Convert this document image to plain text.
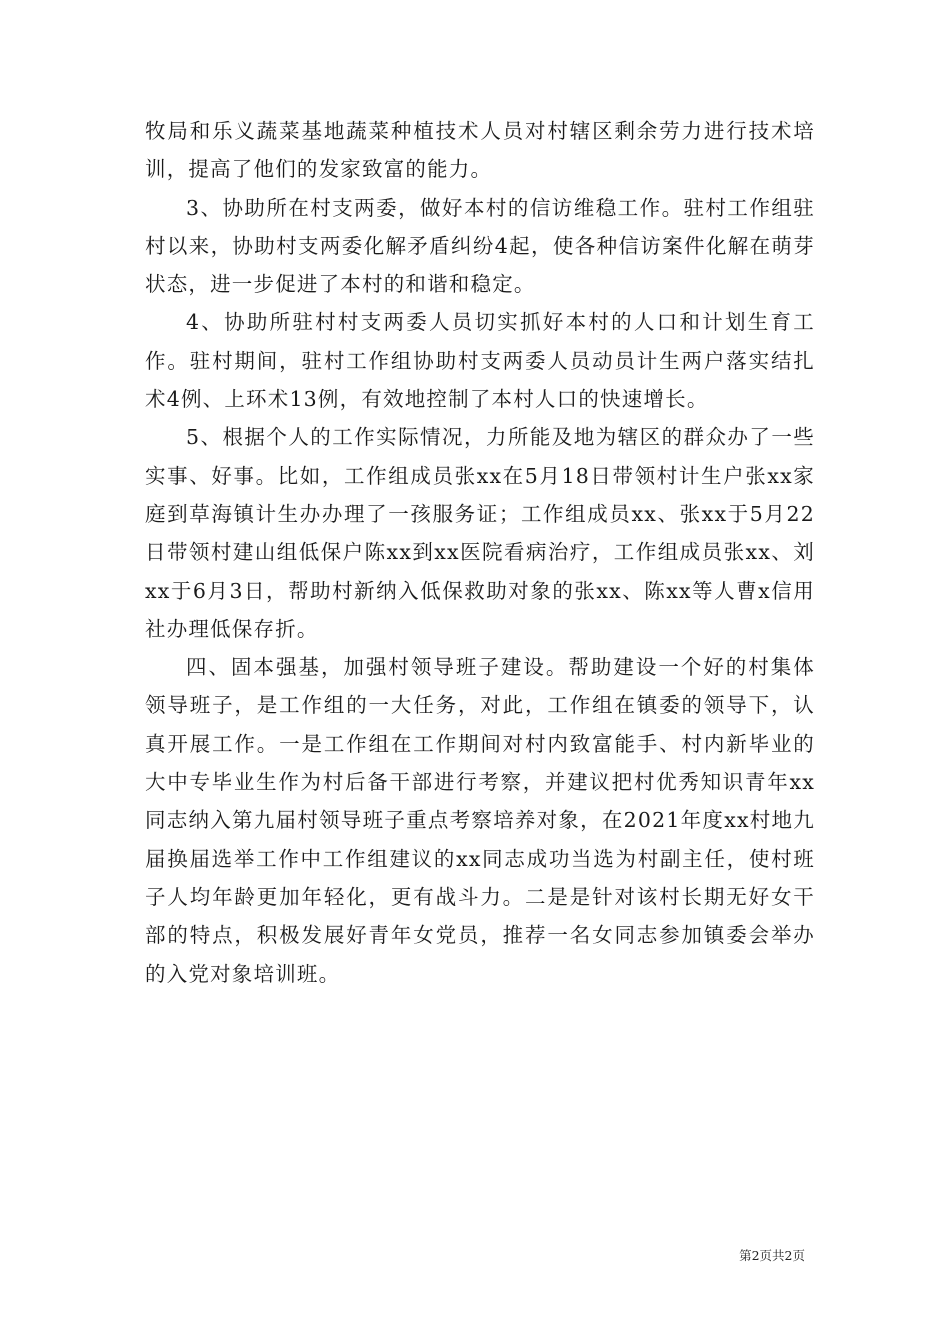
牧局和乐义蔬菜基地蔬菜种植技术人员对村辖区剩余劳力进行技术培训，提高了他们的发家致富的能力。

3、协助所在村支两委，做好本村的信访维稳工作。驻村工作组驻村以来，协助村支两委化解矛盾纠纷4起，使各种信访案件化解在萌芽状态，进一步促进了本村的和谐和稳定。

4、协助所驻村村支两委人员切实抓好本村的人口和计划生育工作。驻村期间，驻村工作组协助村支两委人员动员计生两户落实结扎术4例、上环术13例，有效地控制了本村人口的快速增长。

5、根据个人的工作实际情况，力所能及地为辖区的群众办了一些实事、好事。比如，工作组成员张xx在5月18日带领村计生户张xx家庭到草海镇计生办办理了一孩服务证；工作组成员xx、张xx于5月22日带领村建山组低保户陈xx到xx医院看病治疗，工作组成员张xx、刘xx于6月3日，帮助村新纳入低保救助对象的张xx、陈xx等人曹x信用社办理低保存折。

四、固本强基，加强村领导班子建设。帮助建设一个好的村集体领导班子，是工作组的一大任务，对此，工作组在镇委的领导下，认真开展工作。一是工作组在工作期间对村内致富能手、村内新毕业的大中专毕业生作为村后备干部进行考察，并建议把村优秀知识青年xx同志纳入第九届村领导班子重点考察培养对象，在2021年度xx村地九届换届选举工作中工作组建议的xx同志成功当选为村副主任，使村班子人均年龄更加年轻化，更有战斗力。二是是针对该村长期无好女干部的特点，积极发展好青年女党员，推荐一名女同志参加镇委会举办的入党对象培训班。

第2页共2页
